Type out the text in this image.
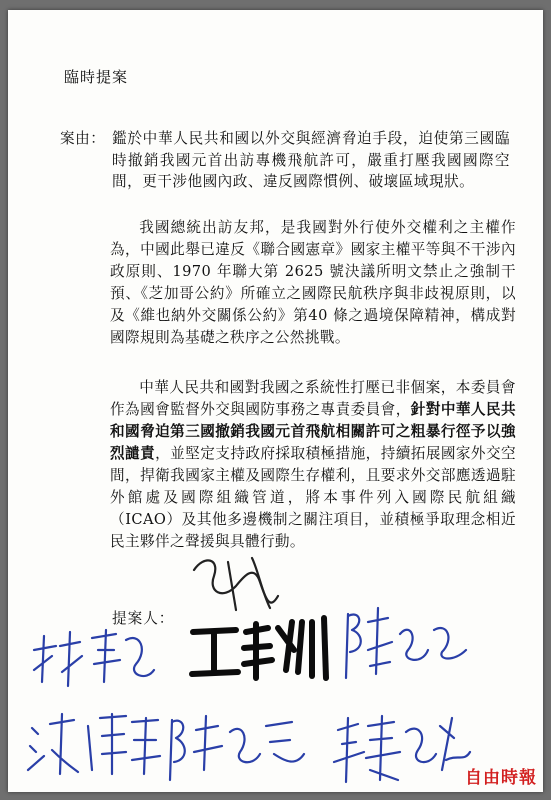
臨時提案
案由： 鑑於中華人民共和國以外交與經濟脅迫手段，迫使第三國臨時撤銷我國元首出訪專機飛航許可，嚴重打壓我國國際空間，更干涉他國內政、違反國際慣例、破壞區域現狀。
我國總統出訪友邦，是我國對外行使外交權利之主權作為，中國此舉已違反《聯合國憲章》國家主權平等與不干涉內政原則、1970 年聯大第 2625 號決議所明文禁止之強制干預、《芝加哥公約》所確立之國際民航秩序與非歧視原則，以及《維也納外交關係公約》第40 條之過境保障精神，構成對國際規則為基礎之秩序之公然挑戰。
中華人民共和國對我國之系統性打壓已非個案，本委員會作為國會監督外交與國防事務之專責委員會，針對中華人民共和國脅迫第三國撤銷我國元首飛航相關許可之粗暴行徑予以強烈譴責，並堅定支持政府採取積極措施，持續拓展國家外交空間，捍衛我國家主權及國際生存權利，且要求外交部應透過駐外館處及國際組織管道，將本事件列入國際民航組織（ICAO）及其他多邊機制之關注項目，並積極爭取理念相近民主夥伴之聲援與具體行動。
提案人：
自由時報
